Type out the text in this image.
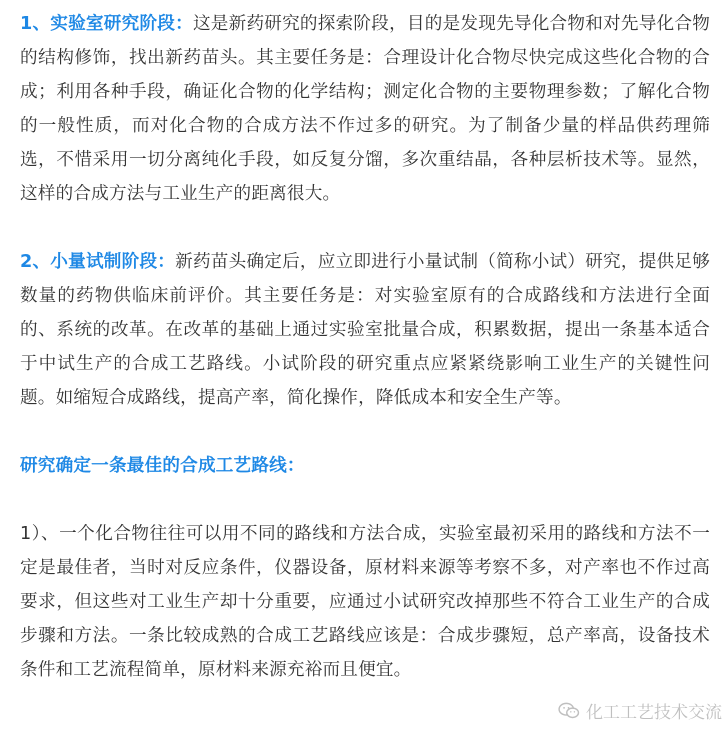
1、实验室研究阶段：这是新药研究的探索阶段，目的是发现先导化合物和对先导化合物的结构修饰，找出新药苗头。其主要任务是：合理设计化合物尽快完成这些化合物的合成；利用各种手段，确证化合物的化学结构；测定化合物的主要物理参数；了解化合物的一般性质，而对化合物的合成方法不作过多的研究。为了制备少量的样品供药理筛选，不惜采用一切分离纯化手段，如反复分馏，多次重结晶，各种层析技术等。显然，这样的合成方法与工业生产的距离很大。

2、小量试制阶段：新药苗头确定后，应立即进行小量试制（简称小试）研究，提供足够数量的药物供临床前评价。其主要任务是：对实验室原有的合成路线和方法进行全面的、系统的改革。在改革的基础上通过实验室批量合成，积累数据，提出一条基本适合于中试生产的合成工艺路线。小试阶段的研究重点应紧紧绕影响工业生产的关键性问题。如缩短合成路线，提高产率，简化操作，降低成本和安全生产等。

研究确定一条最佳的合成工艺路线：

1）、一个化合物往往可以用不同的路线和方法合成，实验室最初采用的路线和方法不一定是最佳者，当时对反应条件，仪器设备，原材料来源等考察不多，对产率也不作过高要求，但这些对工业生产却十分重要，应通过小试研究改掉那些不符合工业生产的合成步骤和方法。一条比较成熟的合成工艺路线应该是：合成步骤短，总产率高，设备技术条件和工艺流程简单，原材料来源充裕而且便宜。

化工工艺技术交流
